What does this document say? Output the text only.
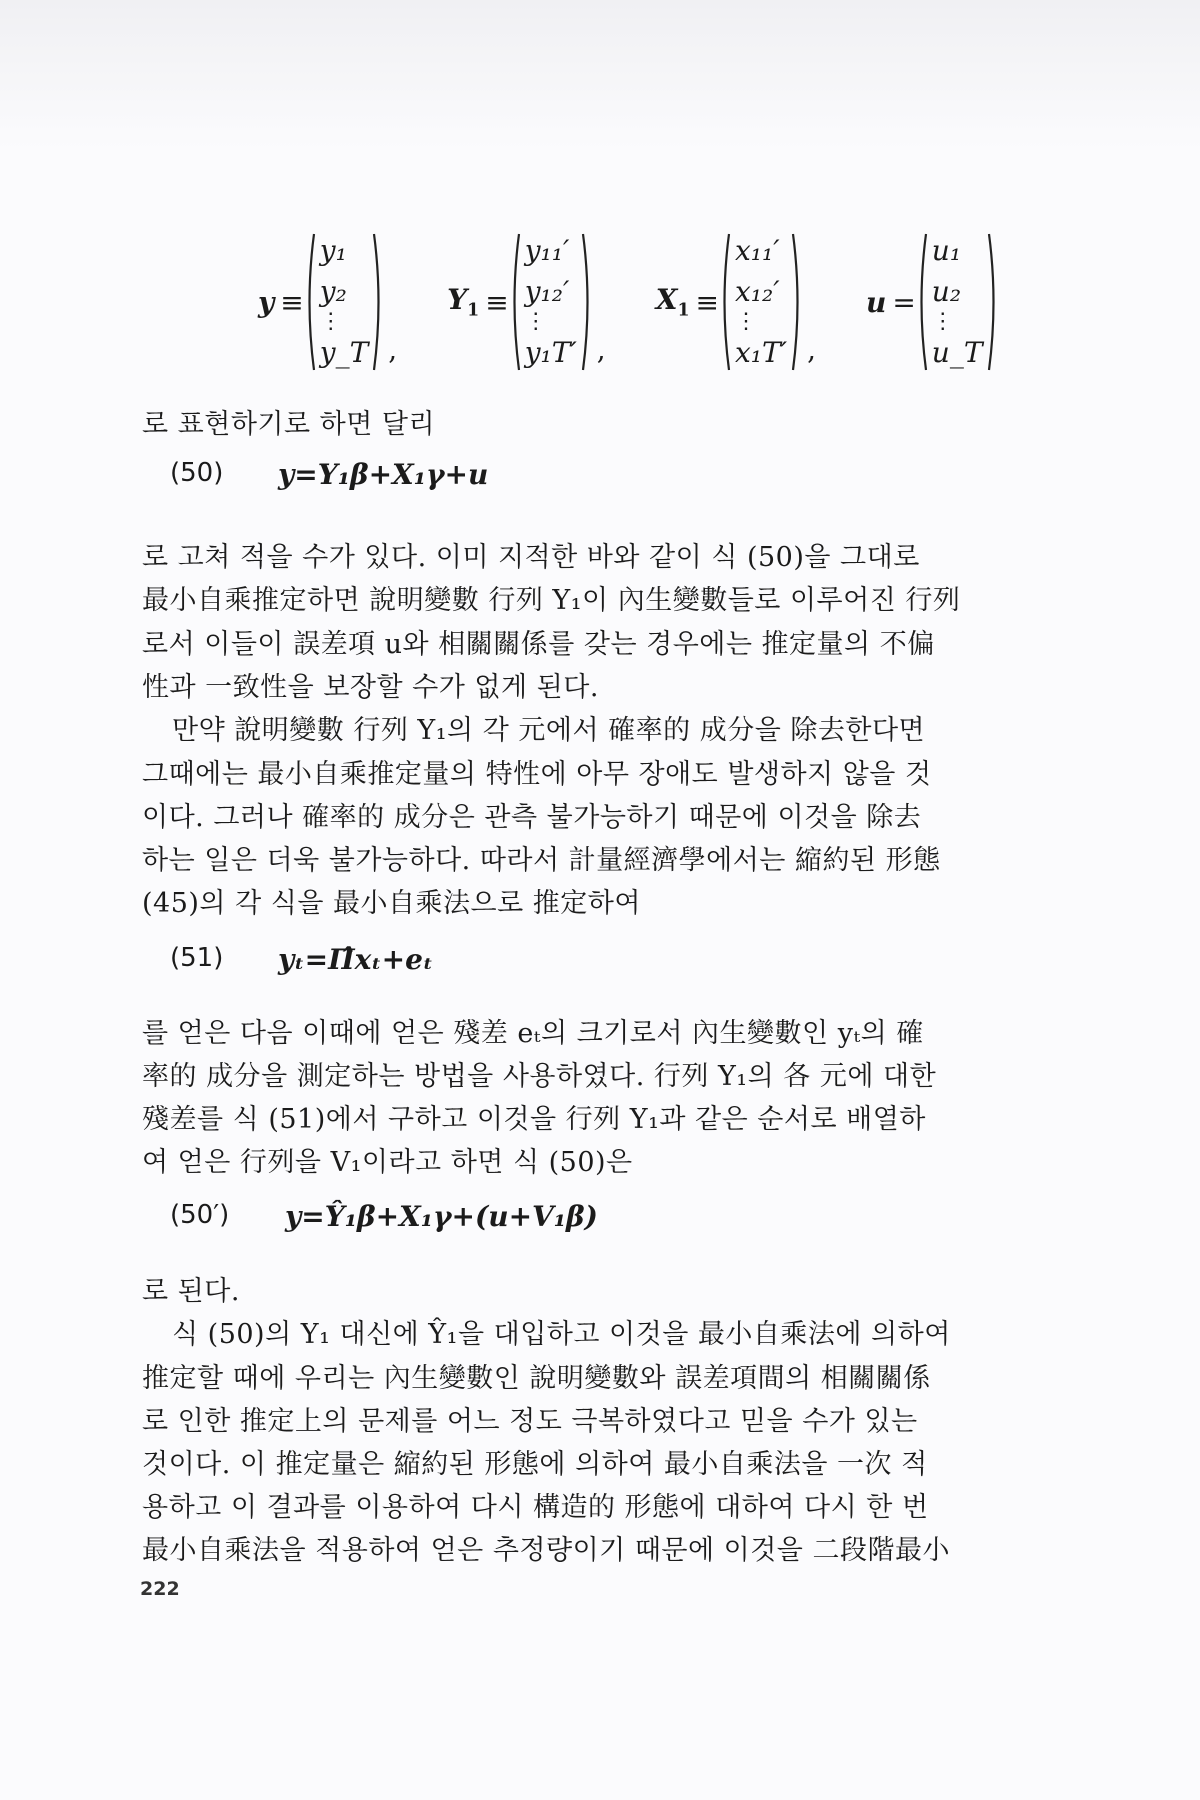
y ≡
y₁
y₂
⋮
y_T ,
$Y_1$ ≡
y₁₁′
y₁₂′
⋮
y₁T′ ,
$X_1$ ≡
x₁₁′
x₁₂′
⋮
x₁T′ ,
u =
u₁
u₂
⋮
u_T
로 표현하기로 하면 달리
(50) y=Y₁β+X₁γ+u
로 고쳐 적을 수가 있다. 이미 지적한 바와 같이 식 (50)을 그대로
最小自乘推定하면 說明變數 行列 Y₁이 內生變數들로 이루어진 行列
로서 이들이 誤差項 u와 相關關係를 갖는 경우에는 推定量의 不偏
性과 一致性을 보장할 수가 없게 된다.
만약 說明變數 行列 Y₁의 각 元에서 確率的 成分을 除去한다면
그때에는 最小自乘推定量의 特性에 아무 장애도 발생하지 않을 것
이다. 그러나 確率的 成分은 관측 불가능하기 때문에 이것을 除去
하는 일은 더욱 불가능하다. 따라서 計量經濟學에서는 縮約된 形態
(45)의 각 식을 最小自乘法으로 推定하여
(51) yₜ=Π̂xₜ+eₜ
를 얻은 다음 이때에 얻은 殘差 eₜ의 크기로서 內生變數인 yₜ의 確
率的 成分을 測定하는 방법을 사용하였다. 行列 Y₁의 各 元에 대한
殘差를 식 (51)에서 구하고 이것을 行列 Y₁과 같은 순서로 배열하
여 얻은 行列을 V₁이라고 하면 식 (50)은
(50′) y=Ŷ₁β+X₁γ+(u+V₁β)
로 된다.
식 (50)의 Y₁ 대신에 Ŷ₁을 대입하고 이것을 最小自乘法에 의하여
推定할 때에 우리는 內生變數인 說明變數와 誤差項間의 相關關係
로 인한 推定上의 문제를 어느 정도 극복하였다고 믿을 수가 있는
것이다. 이 推定量은 縮約된 形態에 의하여 最小自乘法을 一次 적
용하고 이 결과를 이용하여 다시 構造的 形態에 대하여 다시 한 번
最小自乘法을 적용하여 얻은 추정량이기 때문에 이것을 二段階最小
222
